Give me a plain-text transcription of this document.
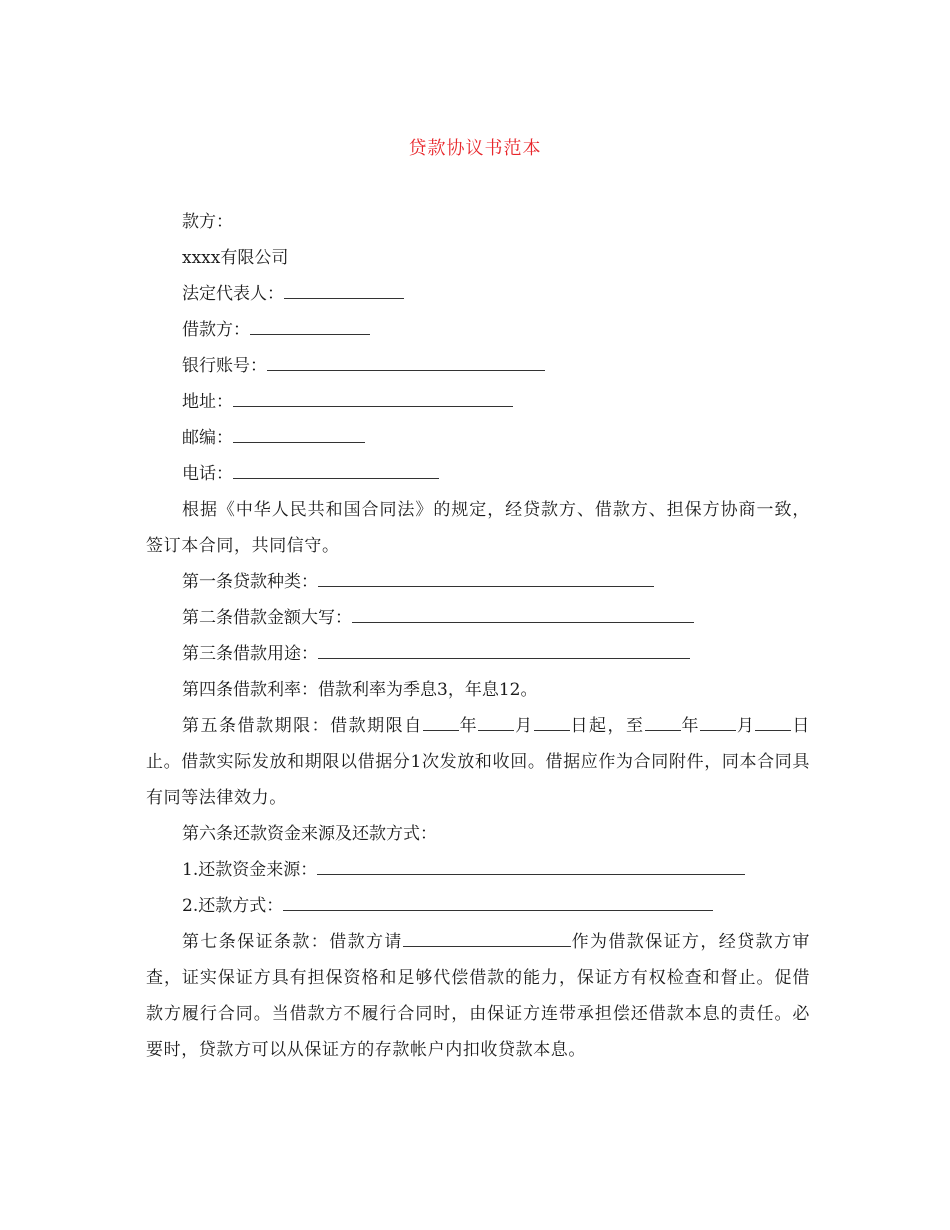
贷款协议书范本
款方：
xxxx有限公司
法定代表人：
借款方：
银行账号：
地址：
邮编：
电话：
根据《中华人民共和国合同法》的规定，经贷款方、借款方、担保方协商一致，签订本合同，共同信守。
第一条贷款种类：
第二条借款金额大写：
第三条借款用途：
第四条借款利率：借款利率为季息3，年息12。
第五条借款期限：借款期限自 年 月 日起，至 年 月 日止。借款实际发放和期限以借据分1次发放和收回。借据应作为合同附件，同本合同具有同等法律效力。
第六条还款资金来源及还款方式：
1.还款资金来源：
2.还款方式：
第七条保证条款：借款方请	作为借款保证方，经贷款方审查，证实保证方具有担保资格和足够代偿借款的能力，保证方有权检查和督止。促借款方履行合同。当借款方不履行合同时，由保证方连带承担偿还借款本息的责任。必要时，贷款方可以从保证方的存款帐户内扣收贷款本息。
